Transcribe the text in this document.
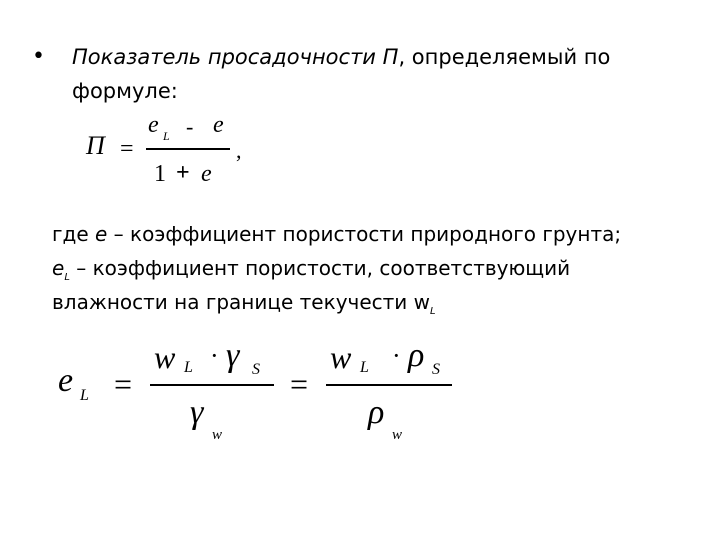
• Показатель просадочности П, определяемый по
формуле:
П =
e L - e
1 + e
,
где е – коэффициент пористости природного грунта;
$e_L$ – коэффициент пористости, соответствующий
влажности на границе текучести $w_L$
e L =
w L · γ S
γ
w
=
w L · ρ S
ρ
w
